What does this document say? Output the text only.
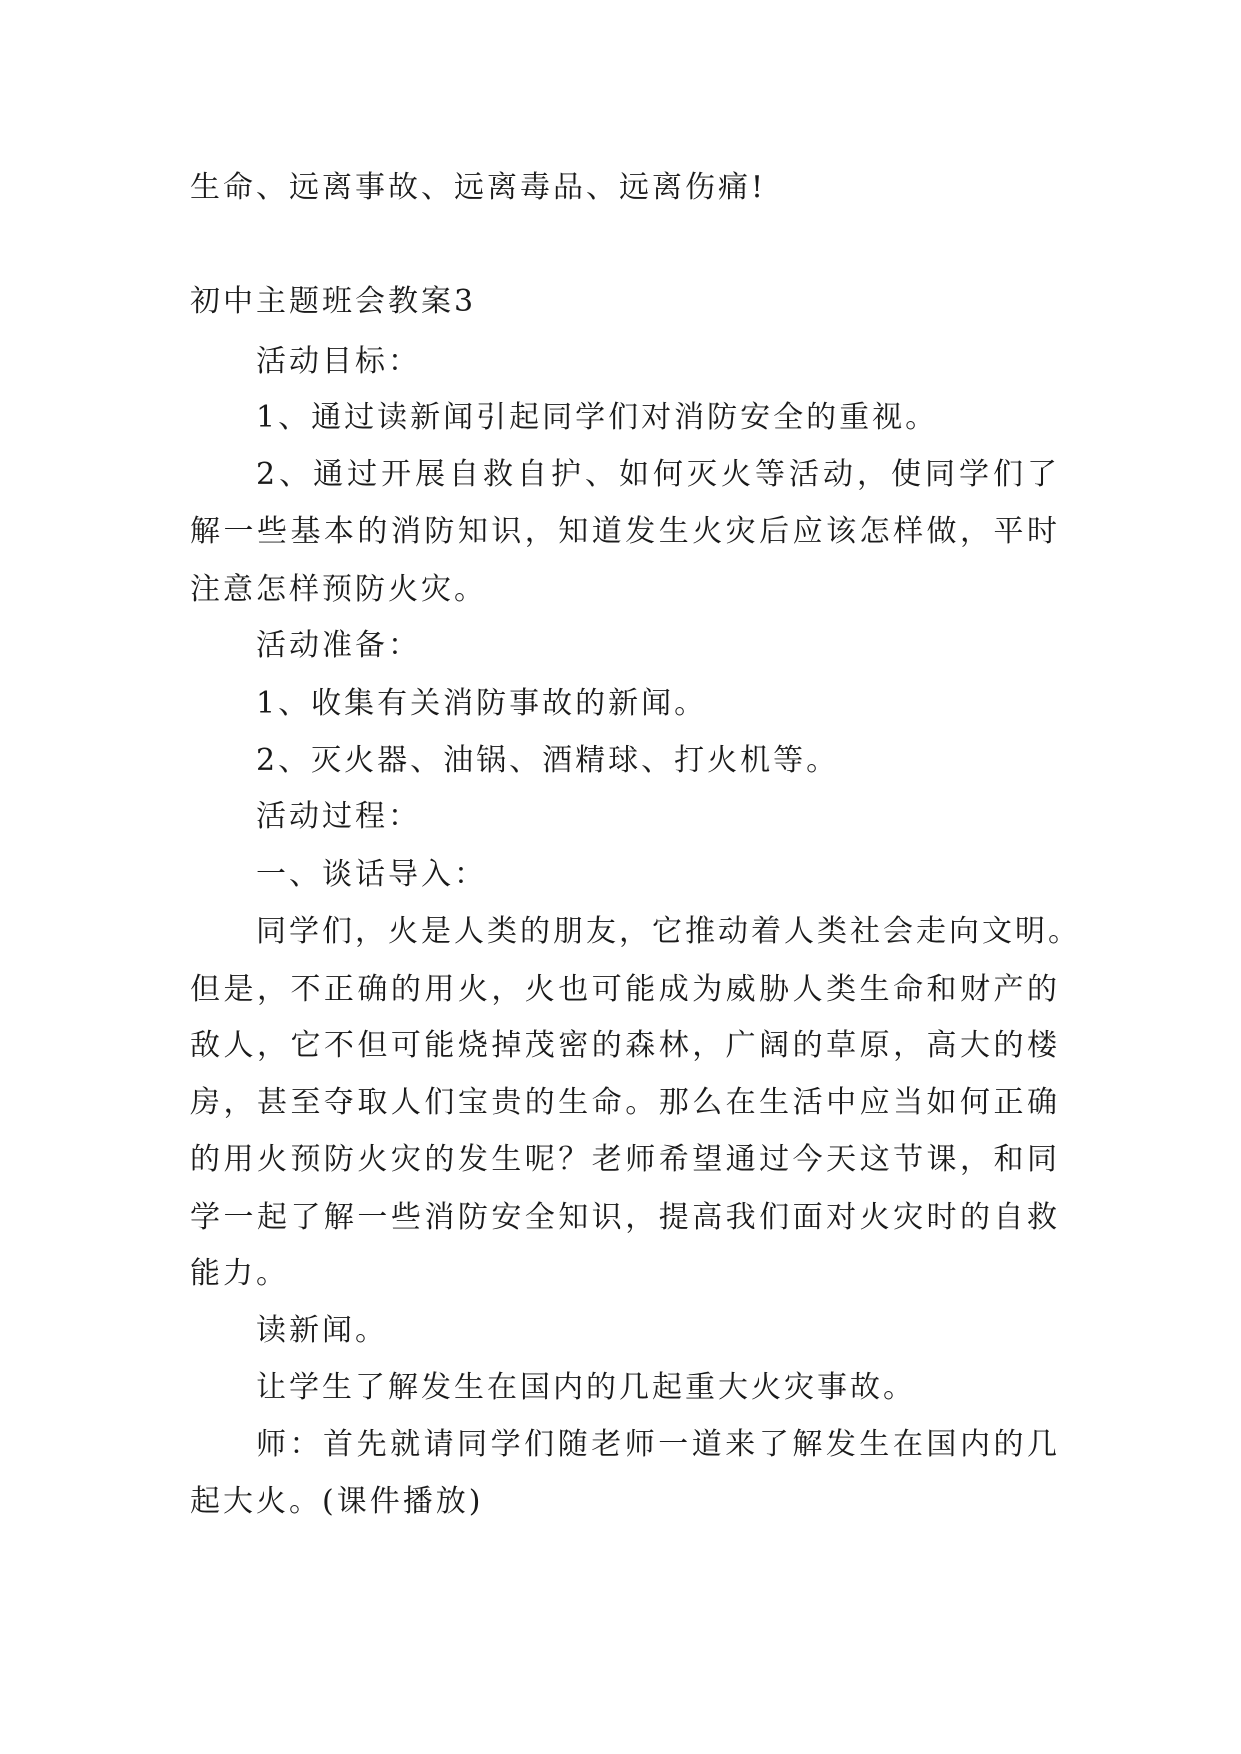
生命、远离事故、远离毒品、远离伤痛!
初中主题班会教案3
活动目标：
1、通过读新闻引起同学们对消防安全的重视。
2、通过开展自救自护、如何灭火等活动，使同学们了
解一些基本的消防知识，知道发生火灾后应该怎样做，平时
注意怎样预防火灾。
活动准备：
1、收集有关消防事故的新闻。
2、灭火器、油锅、酒精球、打火机等。
活动过程：
一、谈话导入：
同学们，火是人类的朋友，它推动着人类社会走向文明。
但是，不正确的用火，火也可能成为威胁人类生命和财产的
敌人，它不但可能烧掉茂密的森林，广阔的草原，高大的楼
房，甚至夺取人们宝贵的生命。那么在生活中应当如何正确
的用火预防火灾的发生呢？老师希望通过今天这节课，和同
学一起了解一些消防安全知识，提高我们面对火灾时的自救
能力。
读新闻。
让学生了解发生在国内的几起重大火灾事故。
师：首先就请同学们随老师一道来了解发生在国内的几
起大火。(课件播放)
